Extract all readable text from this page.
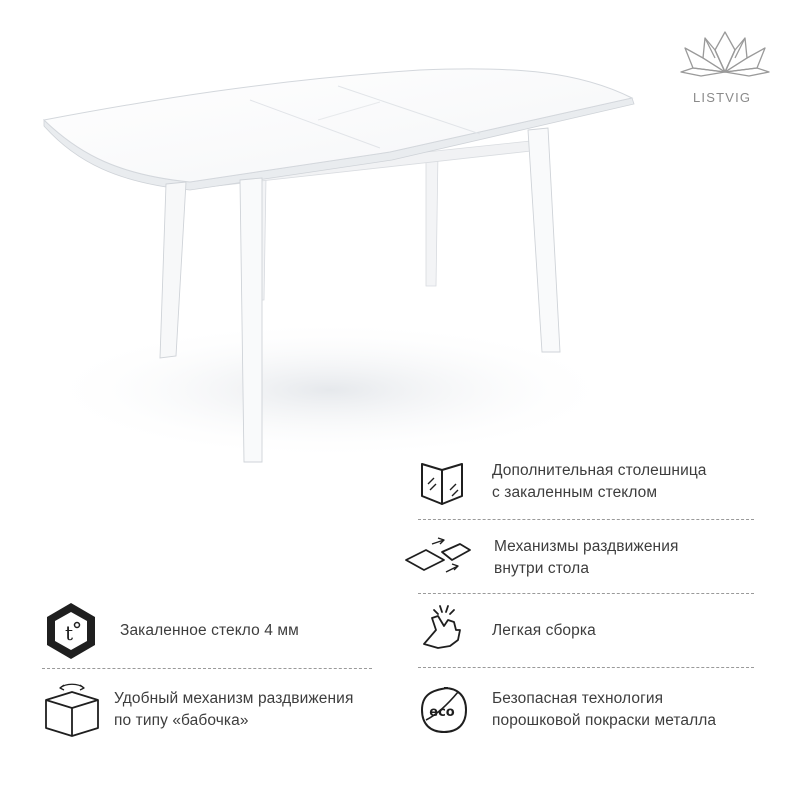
LISTVIG
Дополнительная столешница
с закаленным стеклом
Механизмы раздвижения
внутри стола
Легкая сборка
eco
Безопасная технология
порошковой покраски металла
t	Закаленное стекло 4 мм
Удобный механизм раздвижения
по типу «бабочка»
